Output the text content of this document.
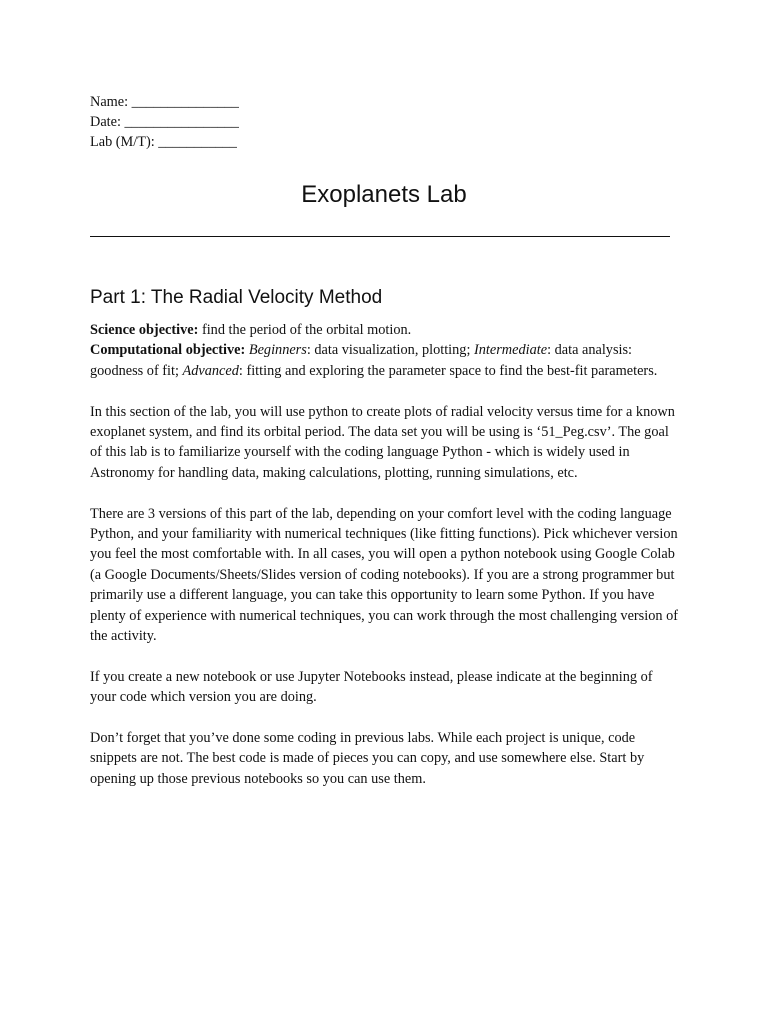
Name: _______________
Date: ________________
Lab (M/T): ___________
Exoplanets Lab
Part 1: The Radial Velocity Method

Science objective: find the period of the orbital motion.

Computational objective: Beginners: data visualization, plotting; Intermediate: data analysis: goodness of fit; Advanced: fitting and exploring the parameter space to find the best-fit parameters.

In this section of the lab, you will use python to create plots of radial velocity versus time for a known exoplanet system, and find its orbital period. The data set you will be using is ‘51_Peg.csv’. The goal of this lab is to familiarize yourself with the coding language Python - which is widely used in Astronomy for handling data, making calculations, plotting, running simulations, etc.

There are 3 versions of this part of the lab, depending on your comfort level with the coding language Python, and your familiarity with numerical techniques (like fitting functions). Pick whichever version you feel the most comfortable with. In all cases, you will open a python notebook using Google Colab (a Google Documents/Sheets/Slides version of coding notebooks). If you are a strong programmer but primarily use a different language, you can take this opportunity to learn some Python. If you have plenty of experience with numerical techniques, you can work through the most challenging version of the activity.

If you create a new notebook or use Jupyter Notebooks instead, please indicate at the beginning of your code which version you are doing.

Don’t forget that you’ve done some coding in previous labs. While each project is unique, code snippets are not. The best code is made of pieces you can copy, and use somewhere else. Start by opening up those previous notebooks so you can use them.
